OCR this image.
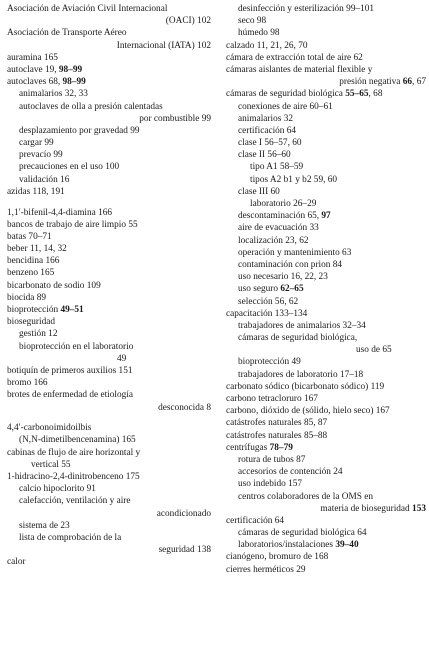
Asociación de Aviación Civil Internacional
(OACI) 102
Asociación de Transporte Aéreo
Internacional (IATA) 102
auramina 165
autoclave 19, 98–99
autoclaves 68, 98–99
animalarios 32, 33
autoclaves de olla a presión calentadas
por combustible 99
desplazamiento por gravedad 99
cargar 99
prevacío 99
precauciones en el uso 100
validación 16
azidas 118, 191
1,1′-bifenil-4,4-diamina 166
bancos de trabajo de aire limpio 55
batas 70–71
beber 11, 14, 32
bencidina 166
benzeno 165
bicarbonato de sodio 109
biocida 89
bioprotección 49–51
bioseguridad
gestión 12
bioprotección en el laboratorio
49
botiquín de primeros auxilios 151
bromo 166
brotes de enfermedad de etiología
desconocida 8
4,4′-carbonoimidoilbis
(N,N-dimetilbencenamina) 165
cabinas de flujo de aire horizontal y
vertical 55
1-hidracino-2,4-dinitrobenceno 175
calcio hipoclorito 91
calefacción, ventilación y aire
acondicionado
sistema de 23
lista de comprobación de la
seguridad 138
calor
desinfección y esterilización 99–101
seco 98
húmedo 98
calzado 11, 21, 26, 70
cámara de extracción total de aire 62
cámaras aislantes de material flexible y
presión negativa 66, 67
cámaras de seguridad biológica 55–65, 68
conexiones de aire 60–61
animalarios 32
certificación 64
clase I 56–57, 60
clase II 56–60
tipo A1 58–59
tipos A2 b1 y b2 59, 60
clase III 60
laboratorio 26–29
descontaminación 65, 97
aire de evacuación 33
localización 23, 62
operación y mantenimiento 63
contaminación con prion 84
uso necesario 16, 22, 23
uso seguro 62–65
selección 56, 62
capacitación 133–134
trabajadores de animalarios 32–34
cámaras de seguridad biológica,
uso de 65
bioprotección 49
trabajadores de laboratorio 17–18
carbonato sódico (bicarbonato sódico) 119
carbono tetracloruro 167
carbono, dióxido de (sólido, hielo seco) 167
catástrofes naturales 85, 87
catástrofes naturales 85–88
centrífugas 78–79
rotura de tubos 87
accesorios de contención 24
uso indebido 157
centros colaboradores de la OMS en
materia de bioseguridad 153
certificación 64
cámaras de seguridad biológica 64
laboratorios/instalaciones 39–40
cianógeno, bromuro de 168
cierres herméticos 29
